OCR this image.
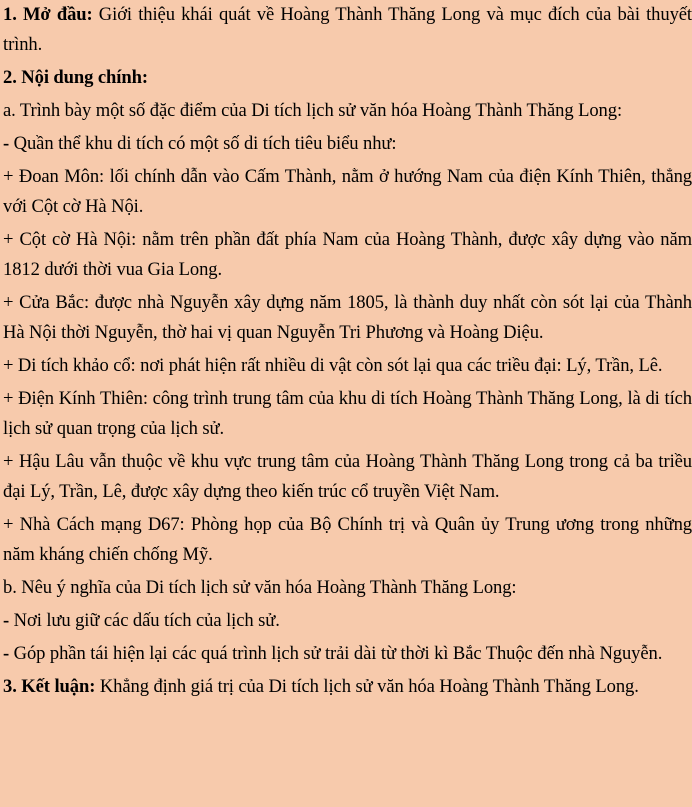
1. Mở đầu: Giới thiệu khái quát về Hoàng Thành Thăng Long và mục đích của bài thuyết trình.

2. Nội dung chính:

a. Trình bày một số đặc điểm của Di tích lịch sử văn hóa Hoàng Thành Thăng Long:

- Quần thể khu di tích có một số di tích tiêu biểu như:

+ Đoan Môn: lối chính dẫn vào Cấm Thành, nằm ở hướng Nam của điện Kính Thiên, thẳng với Cột cờ Hà Nội.

+ Cột cờ Hà Nội: nằm trên phần đất phía Nam của Hoàng Thành, được xây dựng vào năm 1812 dưới thời vua Gia Long.

+ Cửa Bắc: được nhà Nguyễn xây dựng năm 1805, là thành duy nhất còn sót lại của Thành Hà Nội thời Nguyễn, thờ hai vị quan Nguyễn Tri Phương và Hoàng Diệu.

+ Di tích khảo cổ: nơi phát hiện rất nhiều di vật còn sót lại qua các triều đại: Lý, Trần, Lê.

+ Điện Kính Thiên: công trình trung tâm của khu di tích Hoàng Thành Thăng Long, là di tích lịch sử quan trọng của lịch sử.

+ Hậu Lâu vẫn thuộc về khu vực trung tâm của Hoàng Thành Thăng Long trong cả ba triều đại Lý, Trần, Lê, được xây dựng theo kiến trúc cổ truyền Việt Nam.

+ Nhà Cách mạng D67: Phòng họp của Bộ Chính trị và Quân ủy Trung ương trong những năm kháng chiến chống Mỹ.

b. Nêu ý nghĩa của Di tích lịch sử văn hóa Hoàng Thành Thăng Long:

- Nơi lưu giữ các dấu tích của lịch sử.

- Góp phần tái hiện lại các quá trình lịch sử trải dài từ thời kì Bắc Thuộc đến nhà Nguyễn.

3. Kết luận: Khẳng định giá trị của Di tích lịch sử văn hóa Hoàng Thành Thăng Long.
